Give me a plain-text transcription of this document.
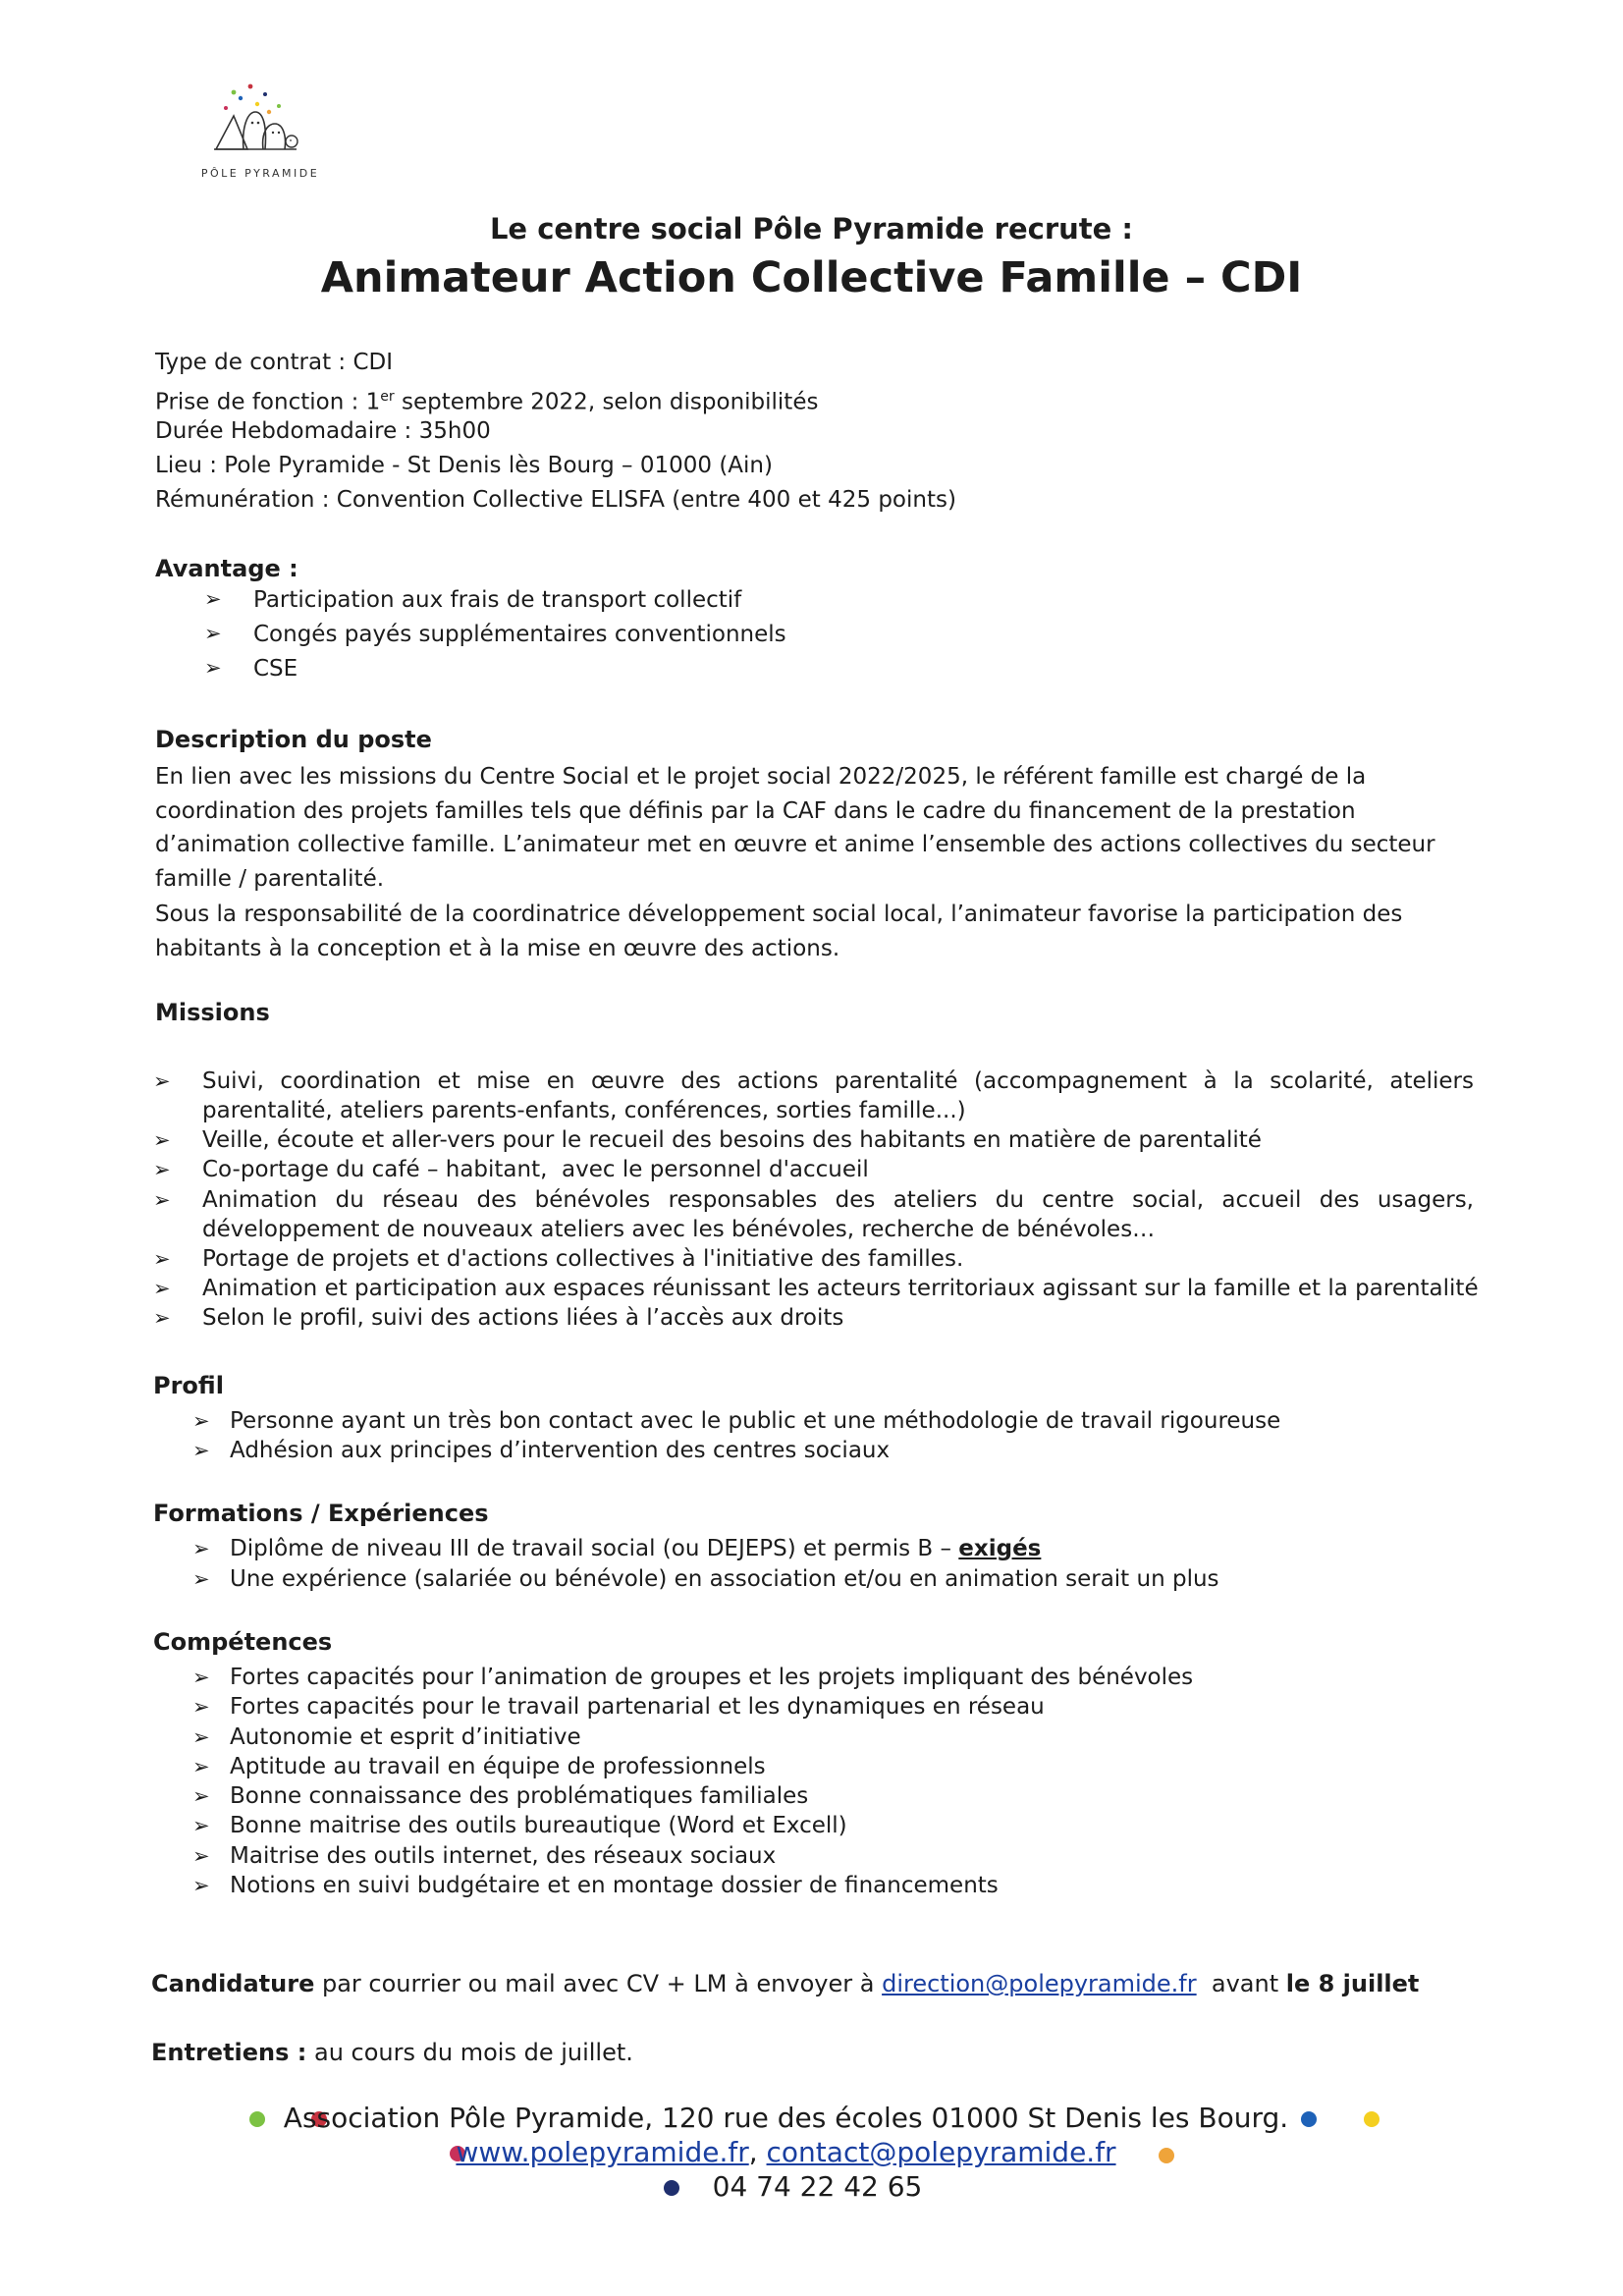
PÔLE PYRAMIDE
Le centre social Pôle Pyramide recrute :
Animateur Action Collective Famille – CDI
Type de contrat : CDI
Prise de fonction : 1er septembre 2022, selon disponibilités
Durée Hebdomadaire : 35h00
Lieu : Pole Pyramide - St Denis lès Bourg – 01000 (Ain)
Rémunération : Convention Collective ELISFA (entre 400 et 425 points)
Avantage :
➢ Participation aux frais de transport collectif
➢ Congés payés supplémentaires conventionnels
➢ CSE
Description du poste
En lien avec les missions du Centre Social et le projet social 2022/2025, le référent famille est chargé de la coordination des projets familles tels que définis par la CAF dans le cadre du financement de la prestation d’animation collective famille. L’animateur met en œuvre et anime l’ensemble des actions collectives du secteur famille / parentalité.
Sous la responsabilité de la coordinatrice développement social local, l’animateur favorise la participation des habitants à la conception et à la mise en œuvre des actions.
Missions
➢ Suivi, coordination et mise en œuvre des actions parentalité (accompagnement à la scolarité, ateliers parentalité, ateliers parents-enfants, conférences, sorties famille...)
➢ Veille, écoute et aller-vers pour le recueil des besoins des habitants en matière de parentalité
➢ Co-portage du café – habitant,  avec le personnel d'accueil
➢ Animation du réseau des bénévoles responsables des ateliers du centre social, accueil des usagers, développement de nouveaux ateliers avec les bénévoles, recherche de bénévoles…
➢ Portage de projets et d'actions collectives à l'initiative des familles.
➢ Animation et participation aux espaces réunissant les acteurs territoriaux agissant sur la famille et la parentalité
➢ Selon le profil, suivi des actions liées à l’accès aux droits
Profil
➢ Personne ayant un très bon contact avec le public et une méthodologie de travail rigoureuse
➢ Adhésion aux principes d’intervention des centres sociaux
Formations / Expériences
➢ Diplôme de niveau III de travail social (ou DEJEPS) et permis B – exigés
➢ Une expérience (salariée ou bénévole) en association et/ou en animation serait un plus
Compétences
➢ Fortes capacités pour l’animation de groupes et les projets impliquant des bénévoles
➢ Fortes capacités pour le travail partenarial et les dynamiques en réseau
➢ Autonomie et esprit d’initiative
➢ Aptitude au travail en équipe de professionnels
➢ Bonne connaissance des problématiques familiales
➢ Bonne maitrise des outils bureautique (Word et Excell)
➢ Maitrise des outils internet, des réseaux sociaux
➢ Notions en suivi budgétaire et en montage dossier de financements
Candidature par courrier ou mail avec CV + LM à envoyer à direction@polepyramide.fr  avant le 8 juillet
Entretiens : au cours du mois de juillet.
Association Pôle Pyramide, 120 rue des écoles 01000 St Denis les Bourg.
www.polepyramide.fr, contact@polepyramide.fr
04 74 22 42 65
